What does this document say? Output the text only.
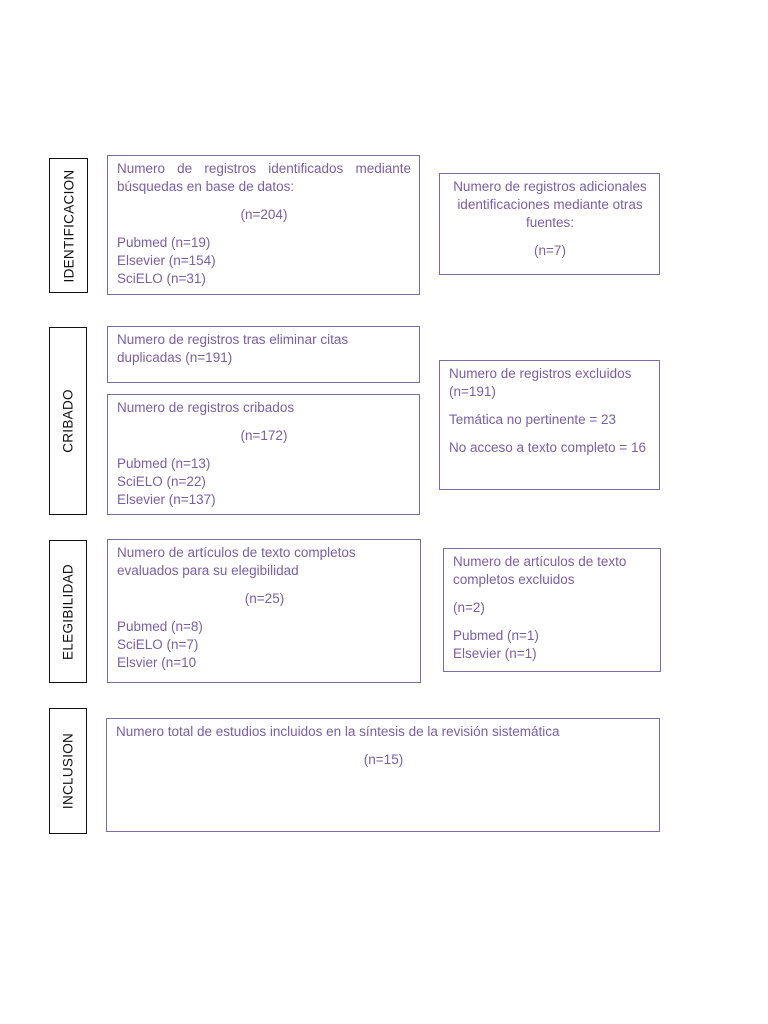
IDENTIFICACION
CRIBADO
ELEGIBILIDAD
INCLUSION

Numero de registros identificados mediante búsquedas en base de datos:

(n=204)

Pubmed (n=19)

Elsevier (n=154)

SciELO (n=31)

Numero de registros adicionales identificaciones mediante otras fuentes:

(n=7)

Numero de registros tras eliminar citas duplicadas (n=191)

Numero de registros cribados

(n=172)

Pubmed (n=13)

SciELO (n=22)

Elsevier (n=137)

Numero de registros excluidos (n=191)

Temática no pertinente = 23

No acceso a texto completo = 16

Numero de artículos de texto completos evaluados para su elegibilidad

(n=25)

Pubmed (n=8)

SciELO (n=7)

Elsvier (n=10

Numero de artículos de texto completos excluidos

(n=2)

Pubmed (n=1)

Elsevier (n=1)

Numero total de estudios incluidos en la síntesis de la revisión sistemática

(n=15)
